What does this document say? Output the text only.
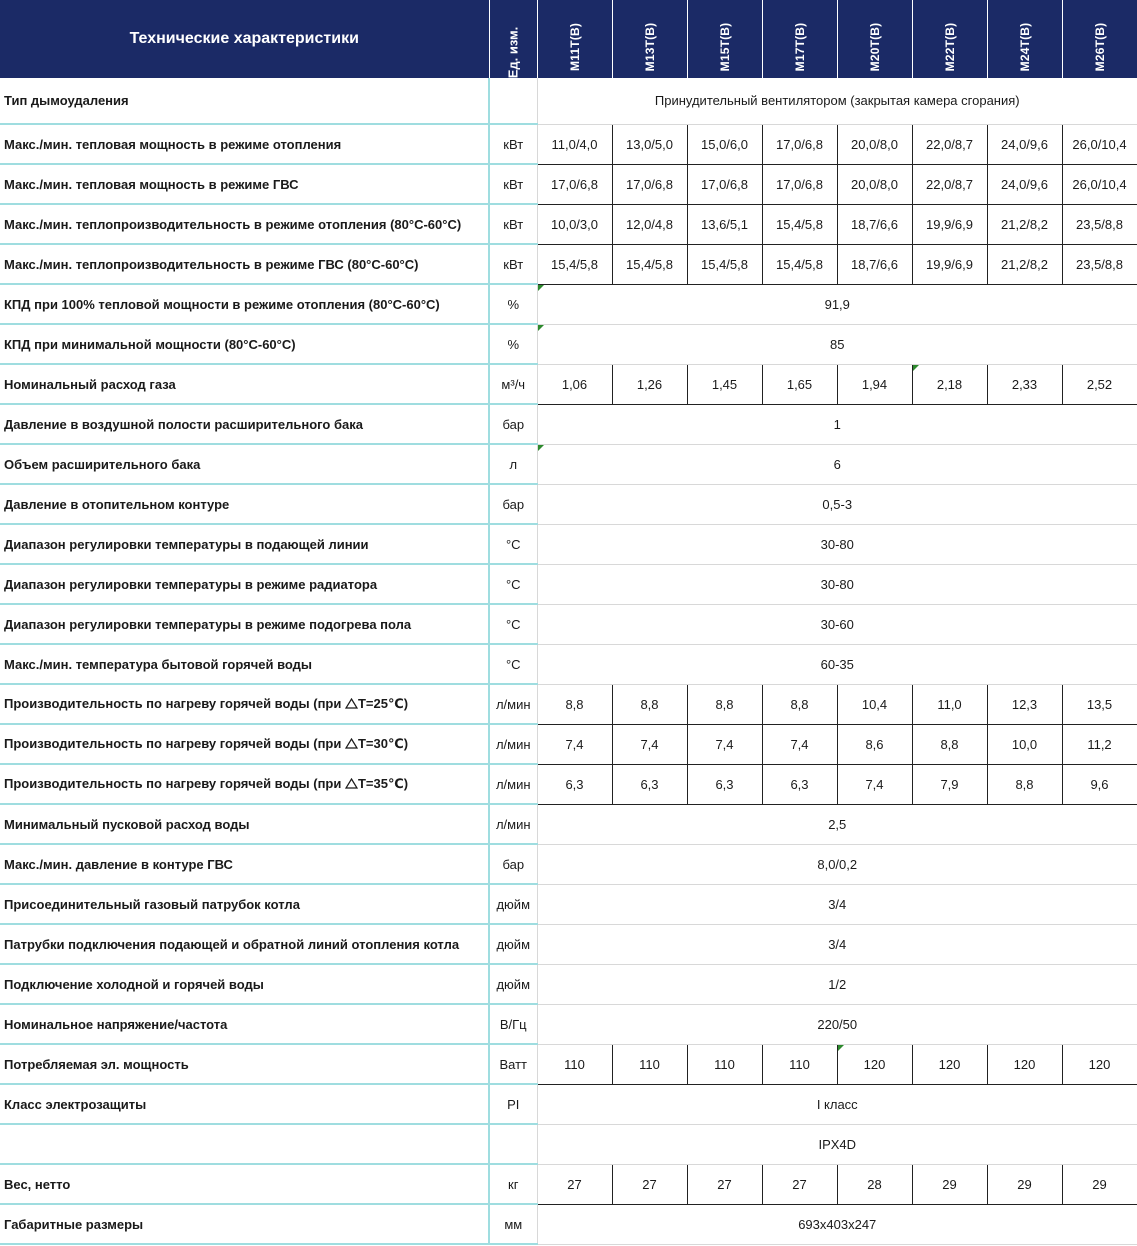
Технические характеристики	Ед. изм.	M11T(B)	M13T(B)	M15T(B)	M17T(B)	M20T(B)	M22T(B)	M24T(B)	M26T(B)

Тип дымоудаления		Принудительный вентилятором (закрытая камера сгорания)							
Макс./мин. тепловая мощность в режиме отопления	кВт	11,0/4,0	13,0/5,0	15,0/6,0	17,0/6,8	20,0/8,0	22,0/8,7	24,0/9,6	26,0/10,4
Макс./мин. тепловая мощность в режиме ГВС	кВт	17,0/6,8	17,0/6,8	17,0/6,8	17,0/6,8	20,0/8,0	22,0/8,7	24,0/9,6	26,0/10,4
Макс./мин. теплопроизводительность в режиме отопления (80°С-60°С)	кВт	10,0/3,0	12,0/4,8	13,6/5,1	15,4/5,8	18,7/6,6	19,9/6,9	21,2/8,2	23,5/8,8
Макс./мин. теплопроизводительность в режиме ГВС (80°С-60°С)	кВт	15,4/5,8	15,4/5,8	15,4/5,8	15,4/5,8	18,7/6,6	19,9/6,9	21,2/8,2	23,5/8,8
КПД при 100% тепловой мощности в режиме отопления (80°С-60°С)	%	91,9							
КПД при минимальной мощности (80°С-60°С)	%	85							
Номинальный расход газа	м³/ч	1,06	1,26	1,45	1,65	1,94	2,18	2,33	2,52
Давление в воздушной полости расширительного бака	бар	1							
Объем расширительного бака	л	6							
Давление в отопительном контуре	бар	0,5-3							
Диапазон регулировки температуры в подающей линии	°С	30-80							
Диапазон регулировки температуры в режиме радиатора	°С	30-80							
Диапазон регулировки температуры в режиме подогрева пола	°С	30-60							
Макс./мин. температура бытовой горячей воды	°С	60-35							
Производительность по нагреву горячей воды (при T=25℃)	л/мин	8,8	8,8	8,8	8,8	10,4	11,0	12,3	13,5
Производительность по нагреву горячей воды (при T=30℃)	л/мин	7,4	7,4	7,4	7,4	8,6	8,8	10,0	11,2
Производительность по нагреву горячей воды (при T=35℃)	л/мин	6,3	6,3	6,3	6,3	7,4	7,9	8,8	9,6
Минимальный пусковой расход воды	л/мин	2,5							
Макс./мин. давление в контуре ГВС	бар	8,0/0,2							
Присоединительный газовый патрубок котла	дюйм	3/4							
Патрубки подключения подающей и обратной линий отопления котла	дюйм	3/4							
Подключение холодной и горячей воды	дюйм	1/2							
Номинальное напряжение/частота	В/Гц	220/50							
Потребляемая эл. мощность	Ватт	110	110	110	110	120	120	120	120
Класс электрозащиты	PI	I класс							
		IPX4D							
Вес, нетто	кг	27	27	27	27	28	29	29	29
Габаритные размеры	мм	693x403x247							
